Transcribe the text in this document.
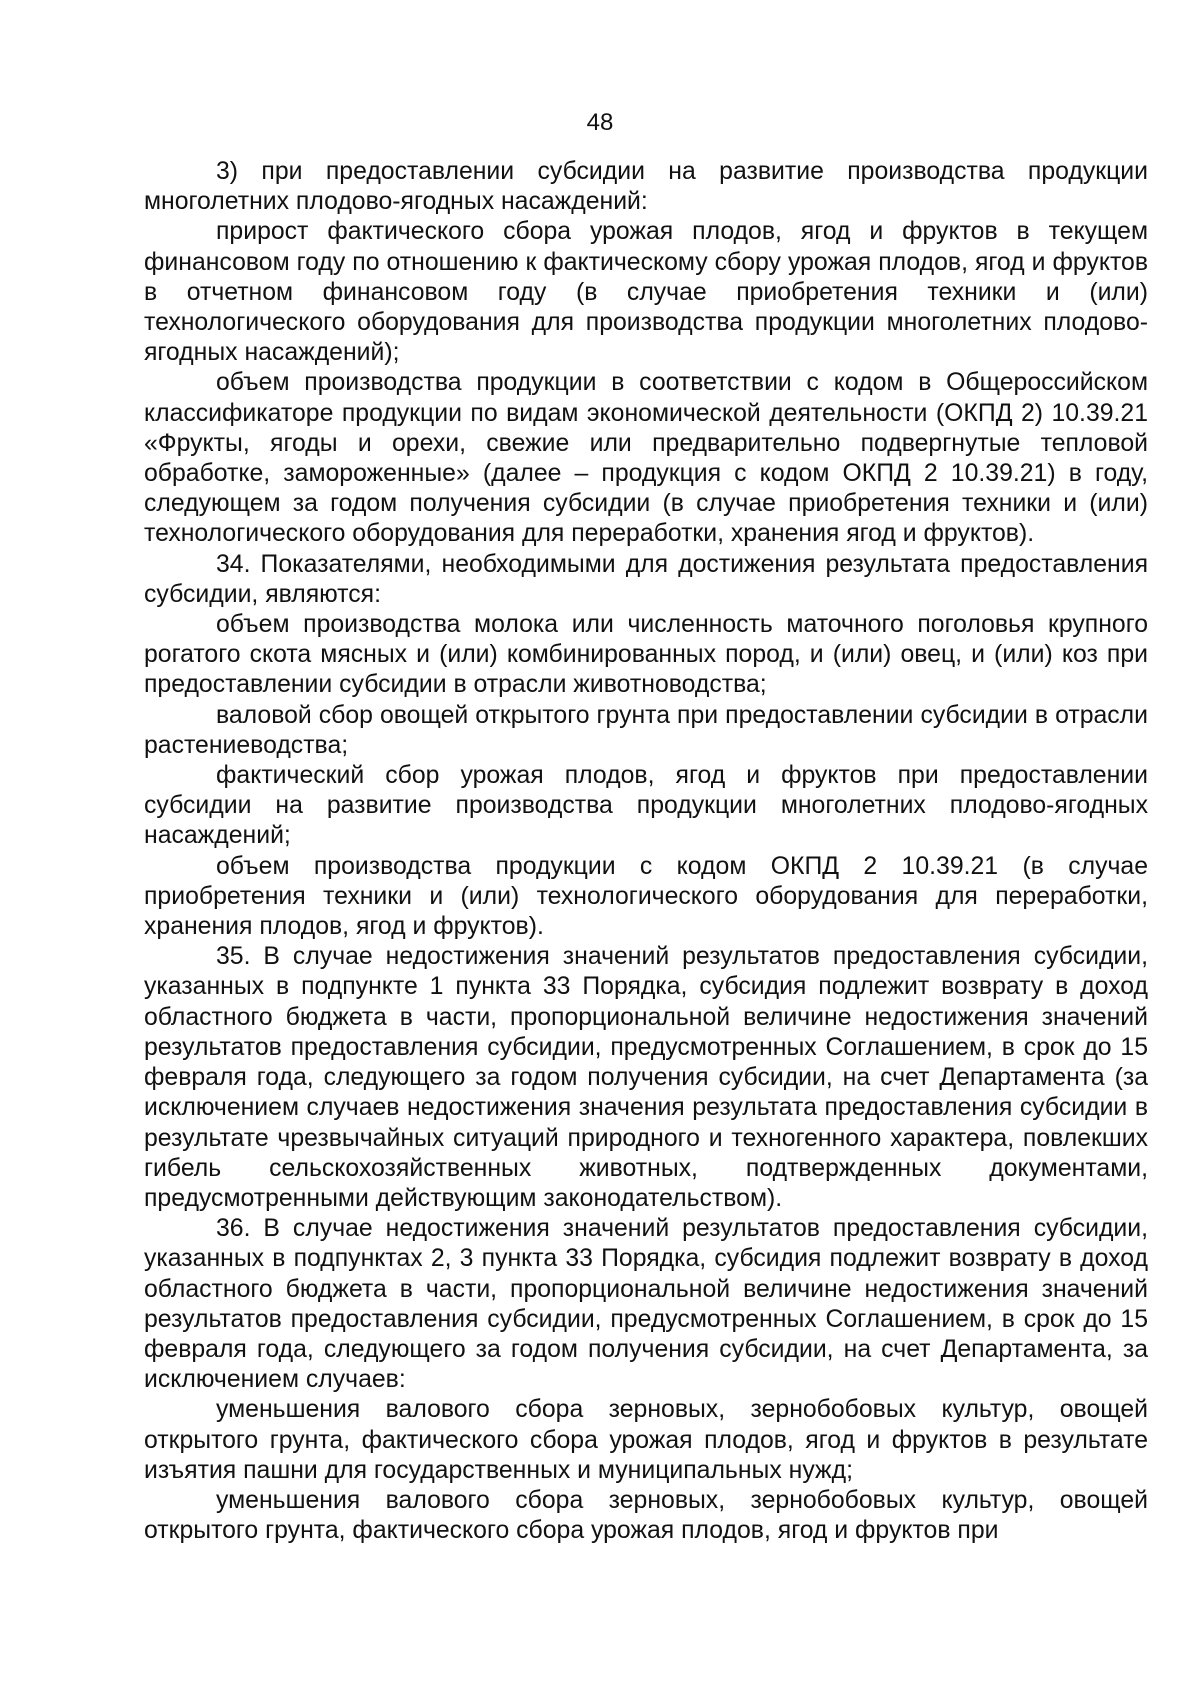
48

3) при предоставлении субсидии на развитие производства продукции многолетних плодово-ягодных насаждений:

прирост фактического сбора урожая плодов, ягод и фруктов в текущем финансовом году по отношению к фактическому сбору урожая плодов, ягод и фруктов в отчетном финансовом году (в случае приобретения техники и (или) технологического оборудования для производства продукции многолетних плодово-ягодных насаждений);

объем производства продукции в соответствии с кодом в Общероссийском классификаторе продукции по видам экономической деятельности (ОКПД 2) 10.39.21 «Фрукты, ягоды и орехи, свежие или предварительно подвергнутые тепловой обработке, замороженные» (далее – продукция с кодом ОКПД 2 10.39.21) в году, следующем за годом получения субсидии (в случае приобретения техники и (или) технологического оборудования для переработки, хранения ягод и фруктов).

34. Показателями, необходимыми для достижения результата предоставления субсидии, являются:

объем производства молока или численность маточного поголовья крупного рогатого скота мясных и (или) комбинированных пород, и (или) овец, и (или) коз при предоставлении субсидии в отрасли животноводства;

валовой сбор овощей открытого грунта при предоставлении субсидии в отрасли растениеводства;

фактический сбор урожая плодов, ягод и фруктов при предоставлении субсидии на развитие производства продукции многолетних плодово-ягодных насаждений;

объем производства продукции с кодом ОКПД 2 10.39.21 (в случае приобретения техники и (или) технологического оборудования для переработки, хранения плодов, ягод и фруктов).

35. В случае недостижения значений результатов предоставления субсидии, указанных в подпункте 1 пункта 33 Порядка, субсидия подлежит возврату в доход областного бюджета в части, пропорциональной величине недостижения значений результатов предоставления субсидии, предусмотренных Соглашением, в срок до 15 февраля года, следующего за годом получения субсидии, на счет Департамента (за исключением случаев недостижения значения результата предоставления субсидии в результате чрезвычайных ситуаций природного и техногенного характера, повлекших гибель сельскохозяйственных животных, подтвержденных документами, предусмотренными действующим законодательством).

36. В случае недостижения значений результатов предоставления субсидии, указанных в подпунктах 2, 3 пункта 33 Порядка, субсидия подлежит возврату в доход областного бюджета в части, пропорциональной величине недостижения значений результатов предоставления субсидии, предусмотренных Соглашением, в срок до 15 февраля года, следующего за годом получения субсидии, на счет Департамента, за исключением случаев:

уменьшения валового сбора зерновых, зернобобовых культур, овощей открытого грунта, фактического сбора урожая плодов, ягод и фруктов в результате изъятия пашни для государственных и муниципальных нужд;

уменьшения валового сбора зерновых, зернобобовых культур, овощей открытого грунта, фактического сбора урожая плодов, ягод и фруктов при
